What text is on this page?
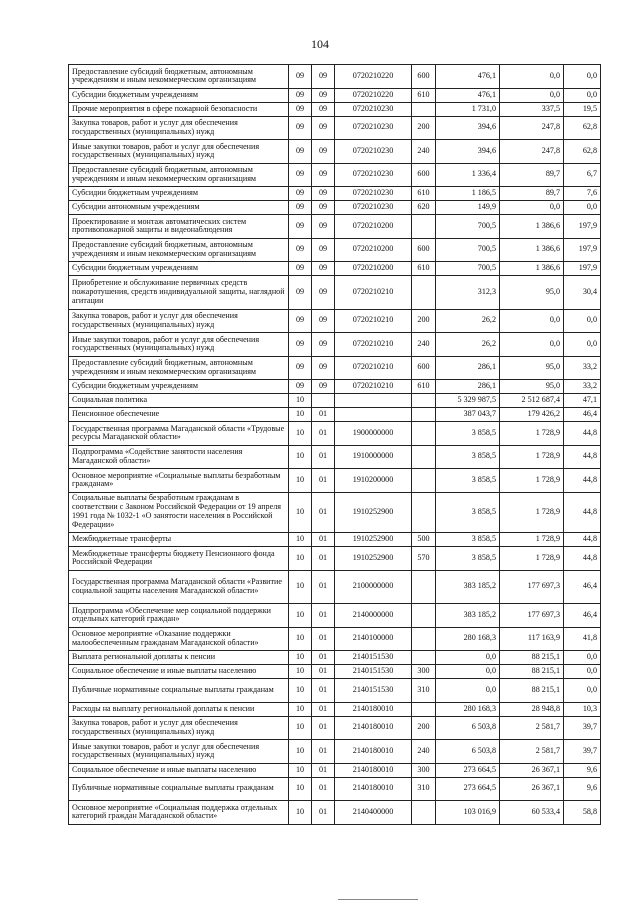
104
Предоставление субсидий бюджетным, автономным учреждениям и иным некоммерческим организациям	09	09	0720210220	600	476,1	0,0	0,0
Субсидии бюджетным учреждениям	09	09	0720210220	610	476,1	0,0	0,0
Прочие мероприятия в сфере пожарной безопасности	09	09	0720210230		1 731,0	337,5	19,5
Закупка товаров, работ и услуг для обеспечения государственных (муниципальных) нужд	09	09	0720210230	200	394,6	247,8	62,8
Иные закупки товаров, работ и услуг для обеспечения государственных (муниципальных) нужд	09	09	0720210230	240	394,6	247,8	62,8
Предоставление субсидий бюджетным, автономным учреждениям и иным некоммерческим организациям	09	09	0720210230	600	1 336,4	89,7	6,7
Субсидии бюджетным учреждениям	09	09	0720210230	610	1 186,5	89,7	7,6
Субсидии автономным учреждениям	09	09	0720210230	620	149,9	0,0	0,0
Проектирование и монтаж автоматических систем противопожарной защиты и видеонаблюдения	09	09	0720210200		700,5	1 386,6	197,9
Предоставление субсидий бюджетным, автономным учреждениям и иным некоммерческим организациям	09	09	0720210200	600	700,5	1 386,6	197,9
Субсидии бюджетным учреждениям	09	09	0720210200	610	700,5	1 386,6	197,9
Приобретение и обслуживание первичных средств пожаротушения, средств индивидуальной защиты, наглядной агитации	09	09	0720210210		312,3	95,0	30,4
Закупка товаров, работ и услуг для обеспечения государственных (муниципальных) нужд	09	09	0720210210	200	26,2	0,0	0,0
Иные закупки товаров, работ и услуг для обеспечения государственных (муниципальных) нужд	09	09	0720210210	240	26,2	0,0	0,0
Предоставление субсидий бюджетным, автономным учреждениям и иным некоммерческим организациям	09	09	0720210210	600	286,1	95,0	33,2
Субсидии бюджетным учреждениям	09	09	0720210210	610	286,1	95,0	33,2
Социальная политика	10				5 329 987,5	2 512 687,4	47,1
Пенсионное обеспечение	10	01			387 043,7	179 426,2	46,4
Государственная программа Магаданской области «Трудовые ресурсы Магаданской области»	10	01	1900000000		3 858,5	1 728,9	44,8
Подпрограмма «Содействие занятости населения Магаданской области»	10	01	1910000000		3 858,5	1 728,9	44,8
Основное мероприятие «Социальные выплаты безработным гражданам»	10	01	1910200000		3 858,5	1 728,9	44,8
Социальные выплаты безработным гражданам в соответствии с Законом Российской Федерации от 19 апреля 1991 года № 1032-1 «О занятости населения в Российской Федерации»	10	01	1910252900		3 858,5	1 728,9	44,8
Межбюджетные трансферты	10	01	1910252900	500	3 858,5	1 728,9	44,8
Межбюджетные трансферты бюджету Пенсионного фонда Российской Федерации	10	01	1910252900	570	3 858,5	1 728,9	44,8
Государственная программа Магаданской области «Развитие социальной защиты населения Магаданской области»	10	01	2100000000		383 185,2	177 697,3	46,4
Подпрограмма «Обеспечение мер социальной поддержки отдельных категорий граждан»	10	01	2140000000		383 185,2	177 697,3	46,4
Основное мероприятие «Оказание поддержки малообеспеченным гражданам Магаданской области»	10	01	2140100000		280 168,3	117 163,9	41,8
Выплата региональной доплаты к пенсии	10	01	2140151530		0,0	88 215,1	0,0
Социальное обеспечение и иные выплаты населению	10	01	2140151530	300	0,0	88 215,1	0,0
Публичные нормативные социальные выплаты гражданам	10	01	2140151530	310	0,0	88 215,1	0,0
Расходы на выплату региональной доплаты к пенсии	10	01	2140180010		280 168,3	28 948,8	10,3
Закупка товаров, работ и услуг для обеспечения государственных (муниципальных) нужд	10	01	2140180010	200	6 503,8	2 581,7	39,7
Иные закупки товаров, работ и услуг для обеспечения государственных (муниципальных) нужд	10	01	2140180010	240	6 503,8	2 581,7	39,7
Социальное обеспечение и иные выплаты населению	10	01	2140180010	300	273 664,5	26 367,1	9,6
Публичные нормативные социальные выплаты гражданам	10	01	2140180010	310	273 664,5	26 367,1	9,6
Основное мероприятие «Социальная поддержка отдельных категорий граждан Магаданской области»	10	01	2140400000		103 016,9	60 533,4	58,8
